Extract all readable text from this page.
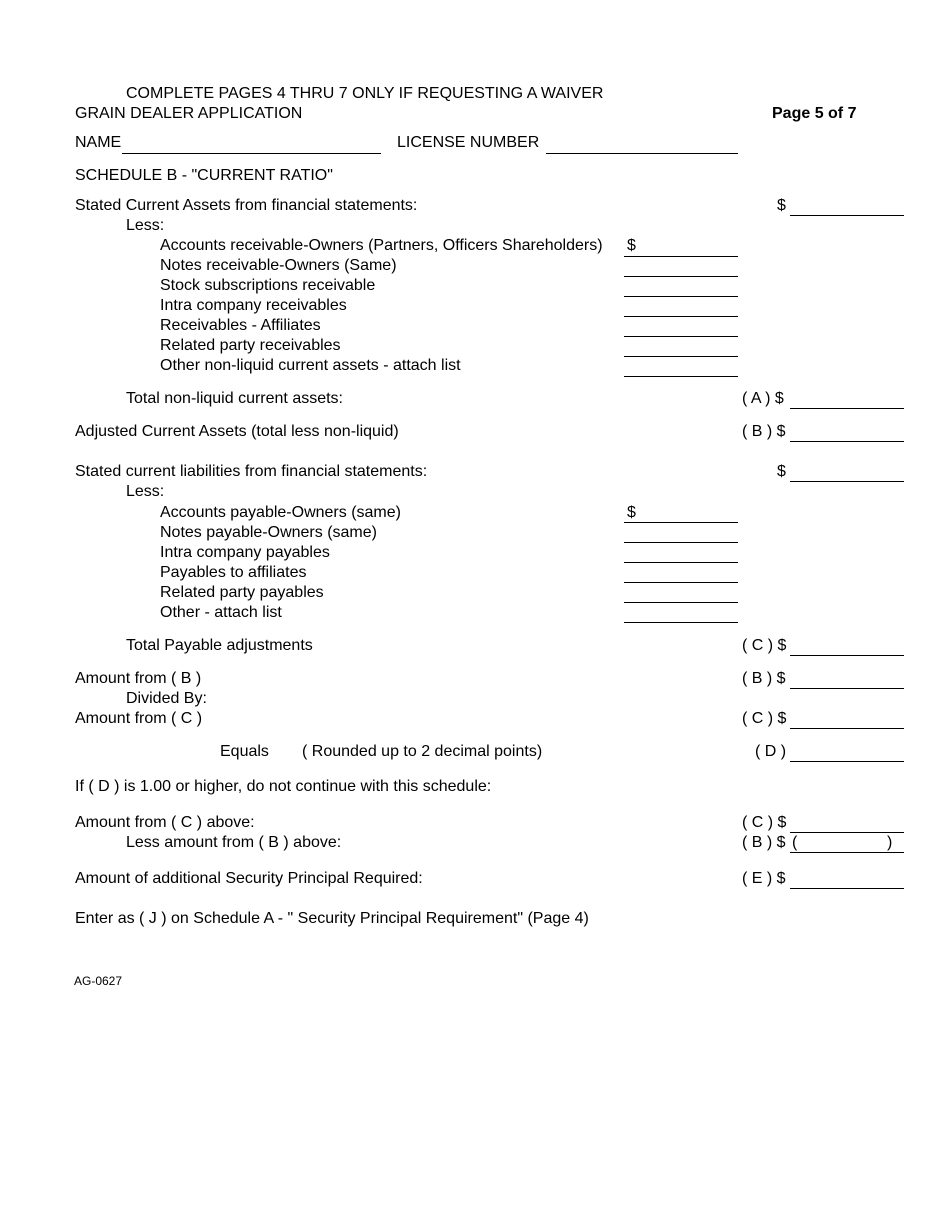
COMPLETE PAGES 4 THRU 7 ONLY IF REQUESTING A WAIVER
GRAIN DEALER APPLICATION	Page 5 of 7
NAME	LICENSE NUMBER
SCHEDULE B - "CURRENT RATIO"
Stated Current Assets from financial statements:	$
Less:
Accounts receivable-Owners (Partners, Officers Shareholders) $
Notes receivable-Owners (Same)
Stock subscriptions receivable
Intra company receivables
Receivables - Affiliates
Related party receivables
Other non-liquid current assets - attach list
Total non-liquid current assets:	( A ) $
Adjusted Current Assets (total less non-liquid)	( B ) $
Stated current liabilities from financial statements:	$
Less:
Accounts payable-Owners (same)	$
Notes payable-Owners (same)
Intra company payables
Payables to affiliates
Related party payables
Other - attach list
Total Payable adjustments	( C ) $
Amount from ( B )	( B ) $
Divided By:
Amount from ( C )	( C ) $
Equals ( Rounded up to 2 decimal points)	( D )
If ( D ) is 1.00 or higher, do not continue with this schedule:
Amount from ( C ) above:	( C ) $
Less amount from ( B ) above:	( B ) $ (	)
Amount of additional Security Principal Required:	( E ) $
Enter as ( J ) on Schedule A - " Security Principal Requirement" (Page 4)
AG-0627
